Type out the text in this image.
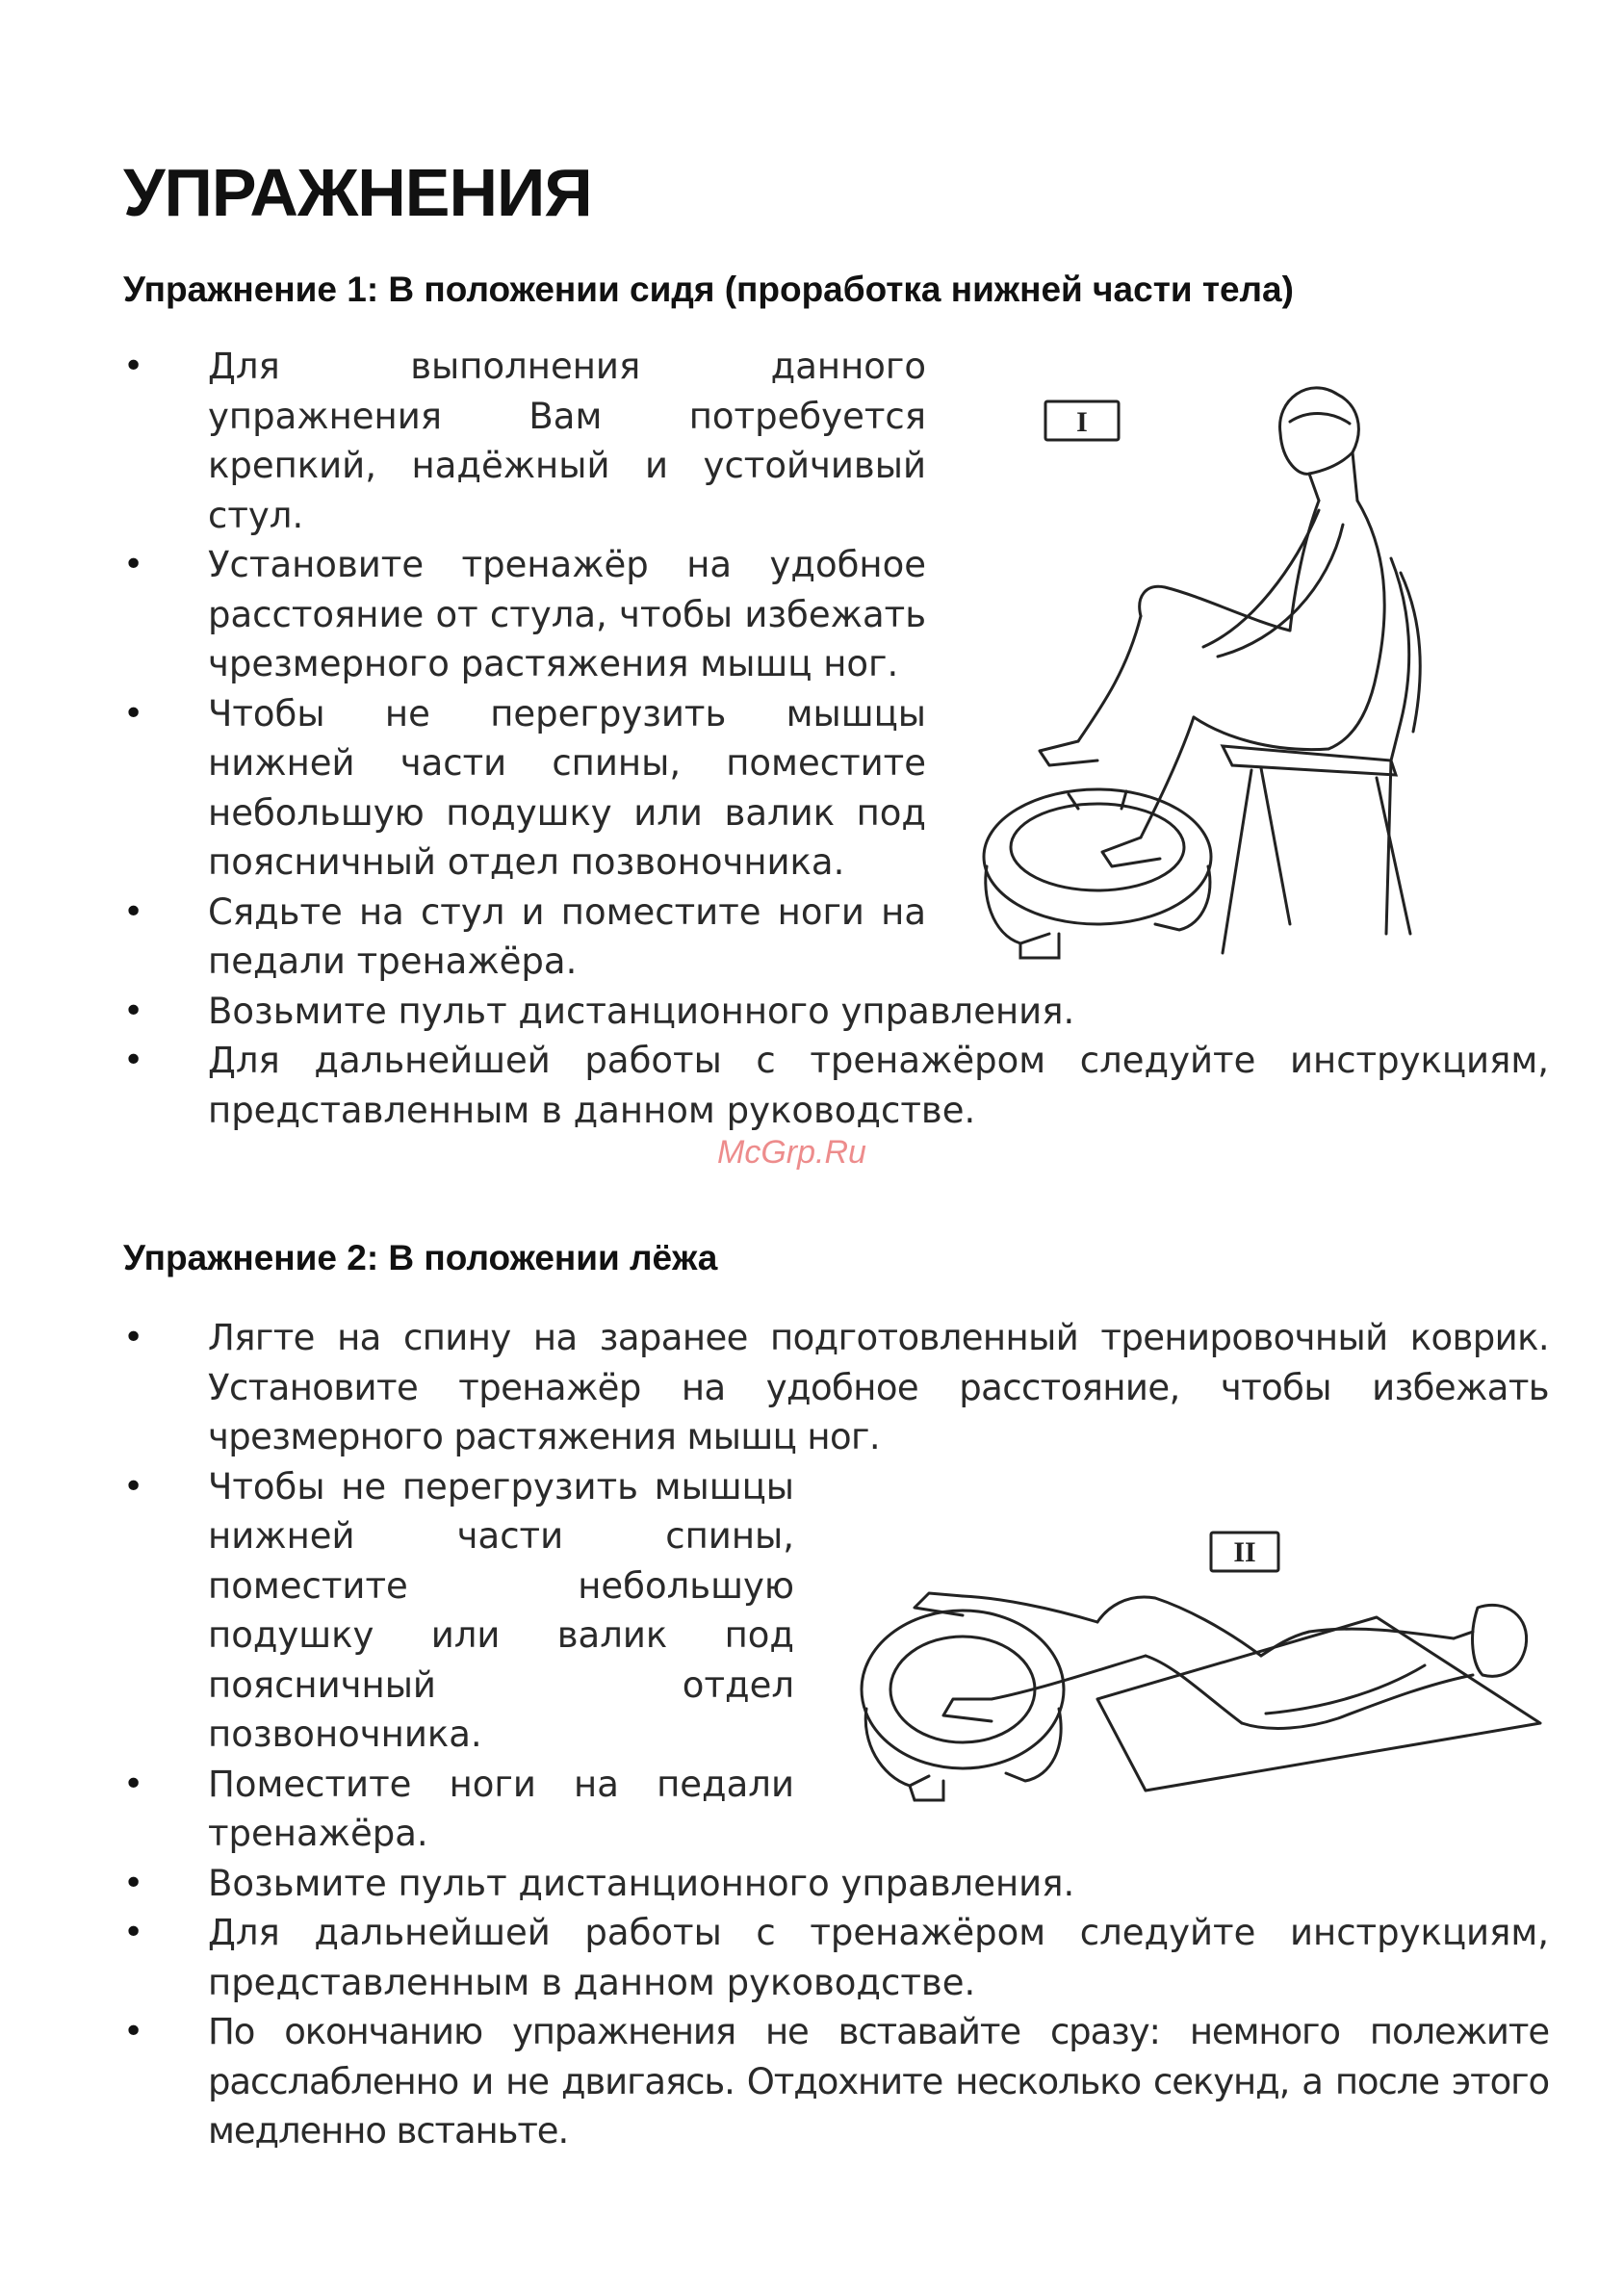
УПРАЖНЕНИЯ
Упражнение 1: В положении сидя (проработка нижней части тела)
• Для выполнения данного упражнения Вам потребуется крепкий, надёжный и устойчивый стул.
• Установите тренажёр на удобное расстояние от стула, чтобы избежать чрезмерного растяжения мышц ног.
• Чтобы не перегрузить мышцы нижней части спины, поместите небольшую подушку или валик под поясничный отдел позвоночника.
• Сядьте на стул и поместите ноги на педали тренажёра.
• Возьмите пульт дистанционного управления.
• Для дальнейшей работы с тренажёром следуйте инструкциям, представленным в данном руководстве.
I
Упражнение 2: В положении лёжа
• Лягте на спину на заранее подготовленный тренировочный коврик. Установите тренажёр на удобное расстояние, чтобы избежать чрезмерного растяжения мышц ног.
• Чтобы не перегрузить мышцы нижней части спины, поместите небольшую подушку или валик под поясничный отдел позвоночника.
• Поместите ноги на педали тренажёра.
• Возьмите пульт дистанционного управления.
• Для дальнейшей работы с тренажёром следуйте инструкциям, представленным в данном руководстве.
• По окончанию упражнения не вставайте сразу: немного полежите расслабленно и не двигаясь. Отдохните несколько секунд, а после этого медленно встаньте.
II
McGrp.Ru
